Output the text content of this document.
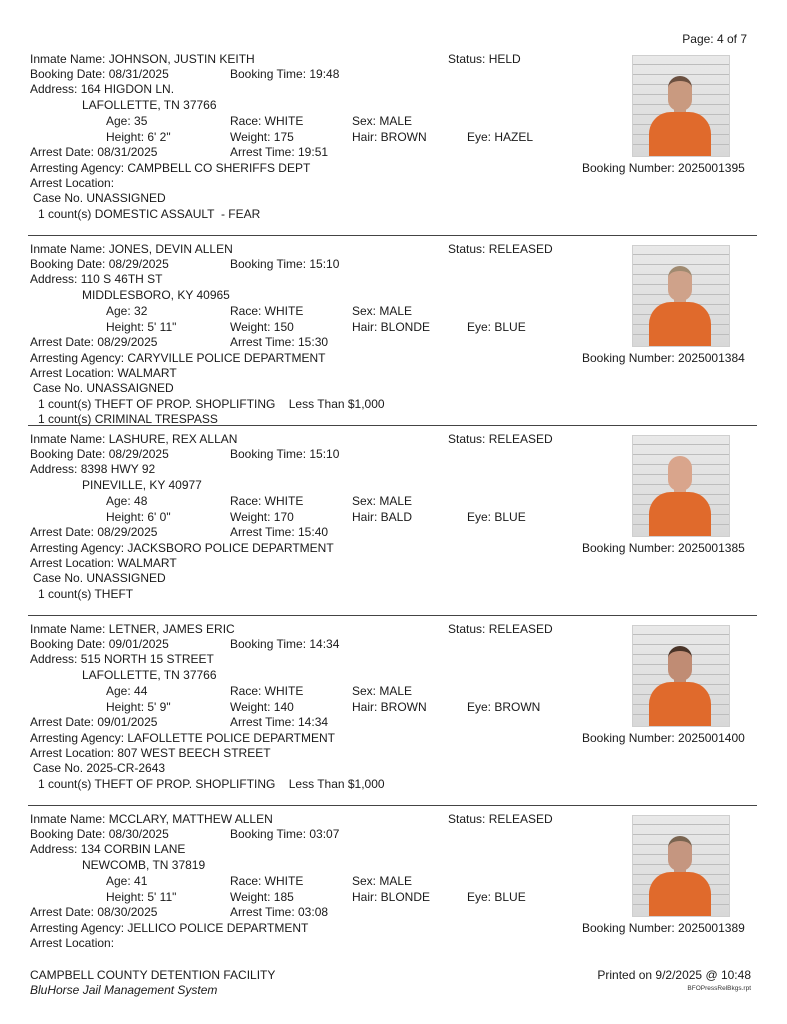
Page: 4 of 7
Inmate Name: JOHNSON, JUSTIN KEITH	Status: HELD
Booking Date: 08/31/2025	Booking Time: 19:48
Address: 164 HIGDON LN.
LAFOLLETTE, TN 37766
Age: 35	Race: WHITE	Sex: MALE
Height: 6' 2"	Weight: 175	Hair: BROWN	Eye: HAZEL
Arrest Date: 08/31/2025	Arrest Time: 19:51
Arresting Agency: CAMPBELL CO SHERIFFS DEPT	Booking Number: 2025001395
Arrest Location:
Case No. UNASSIGNED
1 count(s) DOMESTIC ASSAULT  - FEAR
Inmate Name: JONES, DEVIN ALLEN	Status: RELEASED
Booking Date: 08/29/2025	Booking Time: 15:10
Address: 110 S 46TH ST
MIDDLESBORO, KY 40965
Age: 32	Race: WHITE	Sex: MALE
Height: 5' 11"	Weight: 150	Hair: BLONDE	Eye: BLUE
Arrest Date: 08/29/2025	Arrest Time: 15:30
Arresting Agency: CARYVILLE POLICE DEPARTMENT	Booking Number: 2025001384
Arrest Location: WALMART
Case No. UNASSAIGNED
1 count(s) THEFT OF PROP. SHOPLIFTING    Less Than $1,000
1 count(s) CRIMINAL TRESPASS
Inmate Name: LASHURE, REX ALLAN	Status: RELEASED
Booking Date: 08/29/2025	Booking Time: 15:10
Address: 8398 HWY 92
PINEVILLE, KY 40977
Age: 48	Race: WHITE	Sex: MALE
Height: 6' 0"	Weight: 170	Hair: BALD	Eye: BLUE
Arrest Date: 08/29/2025	Arrest Time: 15:40
Arresting Agency: JACKSBORO POLICE DEPARTMENT	Booking Number: 2025001385
Arrest Location: WALMART
Case No. UNASSIGNED
1 count(s) THEFT
Inmate Name: LETNER, JAMES ERIC	Status: RELEASED
Booking Date: 09/01/2025	Booking Time: 14:34
Address: 515 NORTH 15 STREET
LAFOLLETTE, TN 37766
Age: 44	Race: WHITE	Sex: MALE
Height: 5' 9"	Weight: 140	Hair: BROWN	Eye: BROWN
Arrest Date: 09/01/2025	Arrest Time: 14:34
Arresting Agency: LAFOLLETTE POLICE DEPARTMENT	Booking Number: 2025001400
Arrest Location: 807 WEST BEECH STREET
Case No. 2025-CR-2643
1 count(s) THEFT OF PROP. SHOPLIFTING    Less Than $1,000
Inmate Name: MCCLARY, MATTHEW ALLEN	Status: RELEASED
Booking Date: 08/30/2025	Booking Time: 03:07
Address: 134 CORBIN LANE
NEWCOMB, TN 37819
Age: 41	Race: WHITE	Sex: MALE
Height: 5' 11"	Weight: 185	Hair: BLONDE	Eye: BLUE
Arrest Date: 08/30/2025	Arrest Time: 03:08
Arresting Agency: JELLICO POLICE DEPARTMENT	Booking Number: 2025001389
Arrest Location:
CAMPBELL COUNTY DETENTION FACILITY
BluHorse Jail Management System
Printed on 9/2/2025 @ 10:48
BFOPressRelBkgs.rpt
